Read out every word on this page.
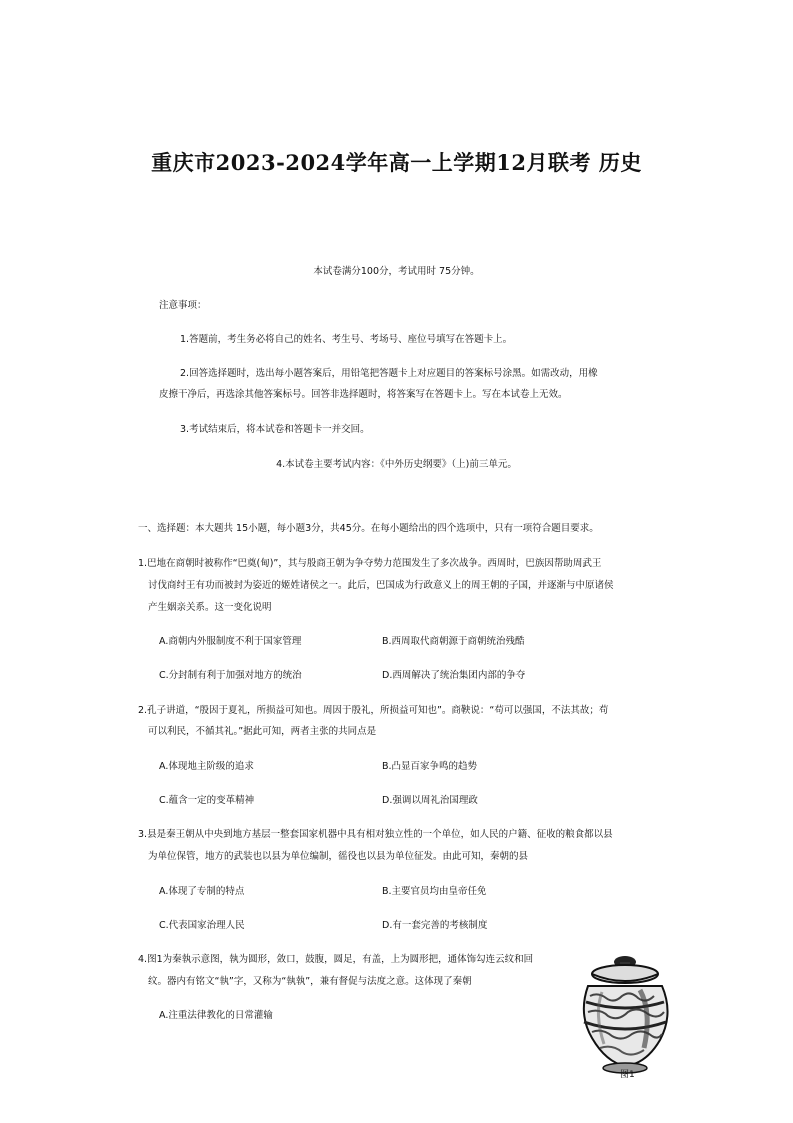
重庆市2023-2024学年高一上学期12月联考 历史
本试卷满分100分，考试用时 75分钟。
注意事项：
1.答题前，考生务必将自己的姓名、考生号、考场号、座位号填写在答题卡上。
2.回答选择题时，选出每小题答案后，用铅笔把答题卡上对应题目的答案标号涂黑。如需改动，用橡
皮擦干净后，再选涂其他答案标号。回答非选择题时，将答案写在答题卡上。写在本试卷上无效。
3.考试结束后，将本试卷和答题卡一并交回。
4.本试卷主要考试内容：《中外历史纲要》（上)前三单元。
一、选择题：本大题共 15小题，每小题3分，共45分。在每小题给出的四个选项中，只有一项符合题目要求。
1.巴地在商朝时被称作“巴奠(甸)”，其与殷商王朝为争夺势力范围发生了多次战争。西周时，巴族因帮助周武王
讨伐商纣王有功而被封为姿近的姬姓诸侯之一。此后，巴国成为行政意义上的周王朝的子国，并逐渐与中原诸侯
产生姻亲关系。这一变化说明
A.商朝内外服制度不利于国家管理	B.西周取代商朝源于商朝统治残酷
C.分封制有利于加强对地方的统治	D.西周解决了统治集团内部的争夺
2.孔子讲道，“殷因于夏礼，所损益可知也。周因于殷礼，所损益可知也”。商鞅说：“苟可以强国，不法其故；苟
可以利民，不循其礼。”据此可知，两者主张的共同点是
A.体现地主阶级的追求	B.凸显百家争鸣的趋势
C.蕴含一定的变革精神	D.强调以周礼治国理政
3.县是秦王朝从中央到地方基层一整套国家机器中具有相对独立性的一个单位，如人民的户籍、征收的粮食都以县
为单位保管，地方的武装也以县为单位编制，徭役也以县为单位征发。由此可知，秦朝的县
A.体现了专制的特点	B.主要官员均由皇帝任免
C.代表国家治理人民	D.有一套完善的考核制度
4.图1为秦執示意图，執为圆形，敛口，鼓腹，圆足，有盖，上为圆形把，通体饰勾连云纹和回
纹。器内有铭文“執”字，又称为“執執”，兼有督促与法度之意。这体现了秦朝
A.注重法律教化的日常灌输
图1
